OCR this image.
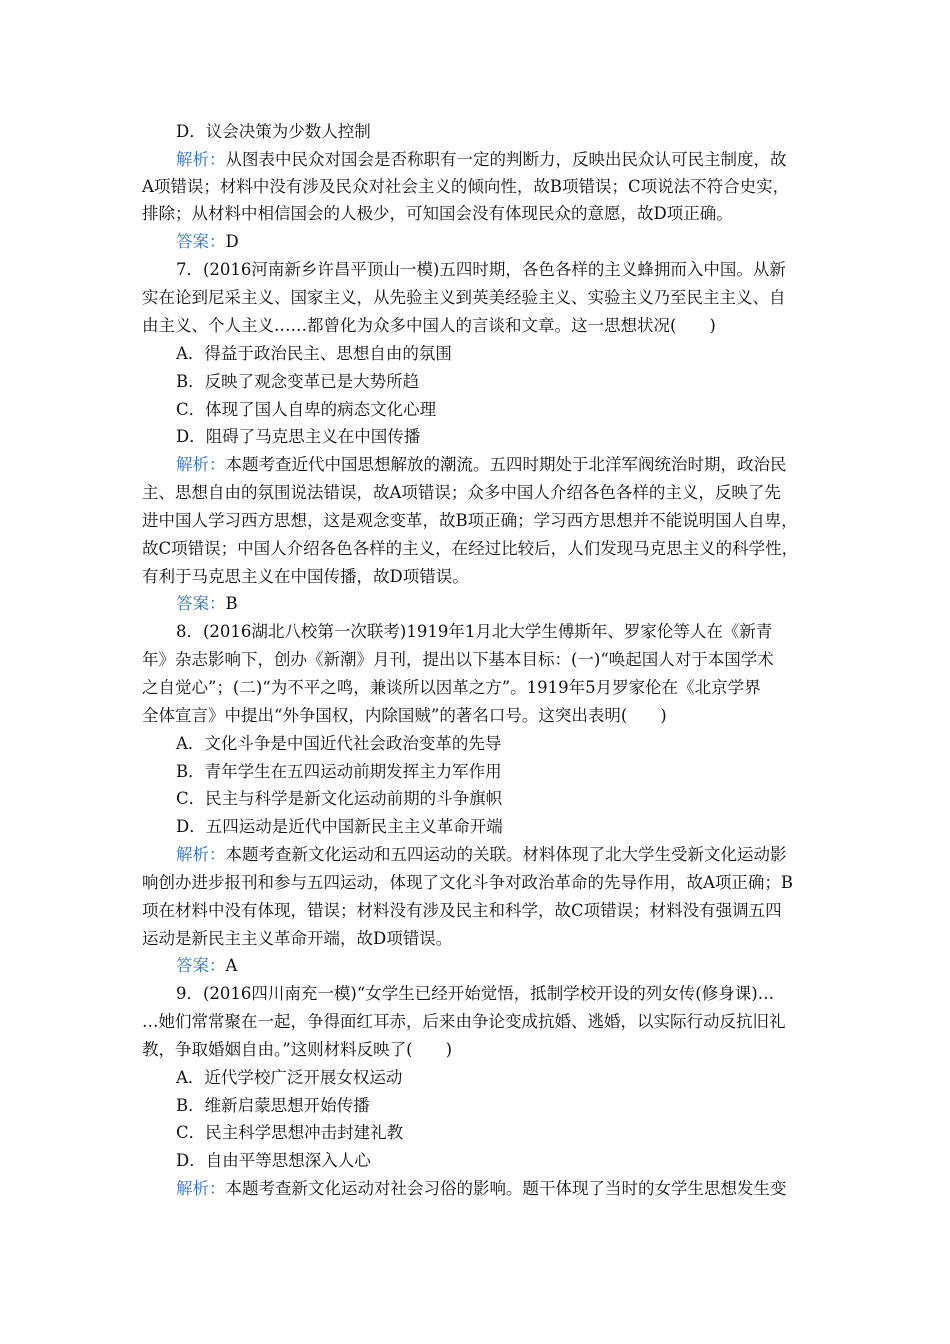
D．议会决策为少数人控制
解析：从图表中民众对国会是否称职有一定的判断力，反映出民众认可民主制度，故
A项错误；材料中没有涉及民众对社会主义的倾向性，故B项错误；C项说法不符合史实，
排除；从材料中相信国会的人极少，可知国会没有体现民众的意愿，故D项正确。
答案：D
7．(2016河南新乡许昌平顶山一模)五四时期，各色各样的主义蜂拥而入中国。从新
实在论到尼采主义、国家主义，从先验主义到英美经验主义、实验主义乃至民主主义、自
由主义、个人主义……都曾化为众多中国人的言谈和文章。这一思想状况(　　)
A．得益于政治民主、思想自由的氛围
B．反映了观念变革已是大势所趋
C．体现了国人自卑的病态文化心理
D．阻碍了马克思主义在中国传播
解析：本题考查近代中国思想解放的潮流。五四时期处于北洋军阀统治时期，政治民
主、思想自由的氛围说法错误，故A项错误；众多中国人介绍各色各样的主义，反映了先
进中国人学习西方思想，这是观念变革，故B项正确；学习西方思想并不能说明国人自卑，
故C项错误；中国人介绍各色各样的主义，在经过比较后，人们发现马克思主义的科学性，
有利于马克思主义在中国传播，故D项错误。
答案：B
8．(2016湖北八校第一次联考)1919年1月北大学生傅斯年、罗家伦等人在《新青
年》杂志影响下，创办《新潮》月刊，提出以下基本目标：(一)“唤起国人对于本国学术
之自觉心”；(二)“为不平之鸣，兼谈所以因革之方”。1919年5月罗家伦在《北京学界
全体宣言》中提出“外争国权，内除国贼”的著名口号。这突出表明(　　)
A．文化斗争是中国近代社会政治变革的先导
B．青年学生在五四运动前期发挥主力军作用
C．民主与科学是新文化运动前期的斗争旗帜
D．五四运动是近代中国新民主主义革命开端
解析：本题考查新文化运动和五四运动的关联。材料体现了北大学生受新文化运动影
响创办进步报刊和参与五四运动，体现了文化斗争对政治革命的先导作用，故A项正确；B
项在材料中没有体现，错误；材料没有涉及民主和科学，故C项错误；材料没有强调五四
运动是新民主主义革命开端，故D项错误。
答案：A
9．(2016四川南充一模)“女学生已经开始觉悟，抵制学校开设的列女传(修身课)…
…她们常常聚在一起，争得面红耳赤，后来由争论变成抗婚、逃婚，以实际行动反抗旧礼
教，争取婚姻自由。”这则材料反映了(　　)
A．近代学校广泛开展女权运动
B．维新启蒙思想开始传播
C．民主科学思想冲击封建礼教
D．自由平等思想深入人心
解析：本题考查新文化运动对社会习俗的影响。题干体现了当时的女学生思想发生变
